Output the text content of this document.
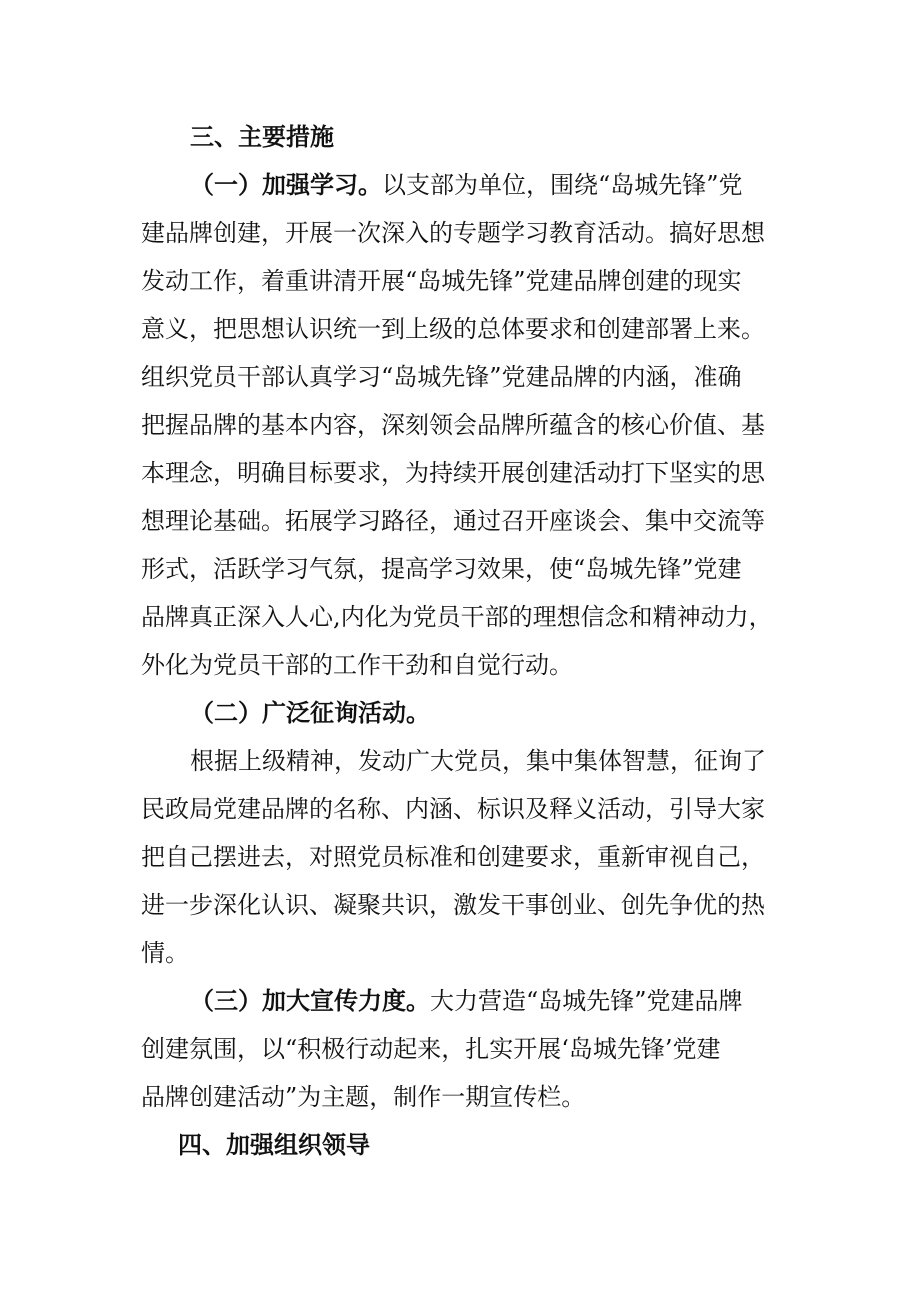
三、主要措施
（一）加强学习。以支部为单位，围绕“岛城先锋”党
建品牌创建，开展一次深入的专题学习教育活动。搞好思想
发动工作，着重讲清开展“岛城先锋”党建品牌创建的现实
意义，把思想认识统一到上级的总体要求和创建部署上来。
组织党员干部认真学习“岛城先锋”党建品牌的内涵，准确
把握品牌的基本内容，深刻领会品牌所蕴含的核心价值、基
本理念，明确目标要求，为持续开展创建活动打下坚实的思
想理论基础。拓展学习路径，通过召开座谈会、集中交流等
形式，活跃学习气氛，提高学习效果，使“岛城先锋”党建
品牌真正深入人心,内化为党员干部的理想信念和精神动力，
外化为党员干部的工作干劲和自觉行动。
（二）广泛征询活动。
根据上级精神，发动广大党员，集中集体智慧，征询了
民政局党建品牌的名称、内涵、标识及释义活动，引导大家
把自己摆进去，对照党员标准和创建要求，重新审视自己，
进一步深化认识、凝聚共识，激发干事创业、创先争优的热
情。
（三）加大宣传力度。大力营造“岛城先锋”党建品牌
创建氛围，以“积极行动起来，扎实开展‘岛城先锋’党建
品牌创建活动”为主题，制作一期宣传栏。
四、加强组织领导
